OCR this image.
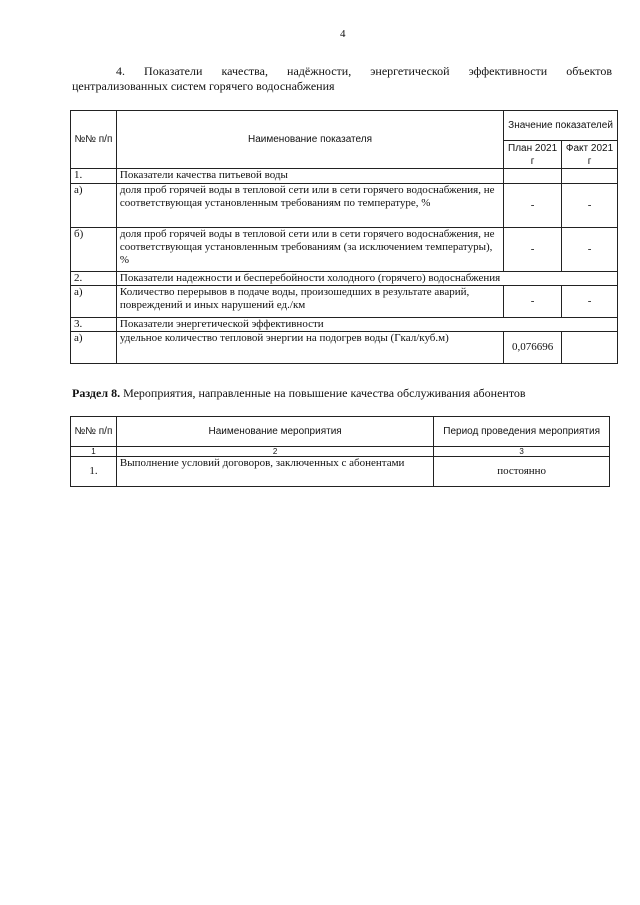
4
4. Показатели качества, надёжности, энергетической эффективности объектов
централизованных систем горячего водоснабжения
№№ п/п	Наименование показателя	Значение показателей	
		План 2021 г	Факт 2021 г
1.	Показатели качества питьевой воды		
а)	доля проб горячей воды в тепловой сети или в сети горячего водоснабжения, не соответствующая установленным требованиям по температуре, %	-	-
б)	доля проб горячей воды в тепловой сети или в сети горячего водоснабжения, не соответствующая установленным требованиям (за исключением температуры), %	-	-
2.	Показатели надежности и бесперебойности холодного (горячего) водоснабжения		
а)	Количество перерывов в подаче воды, произошедших в результате аварий, повреждений и иных нарушений ед./км	-	-
3.	Показатели энергетической эффективности		
а)	удельное количество тепловой энергии на подогрев воды (Гкал/куб.м)	0,076696	
Раздел 8. Мероприятия, направленные на повышение качества обслуживания абонентов
№№ п/п	Наименование мероприятия	Период проведения мероприятия
1	2	3
1.	Выполнение условий договоров, заключенных с абонентами	постоянно
